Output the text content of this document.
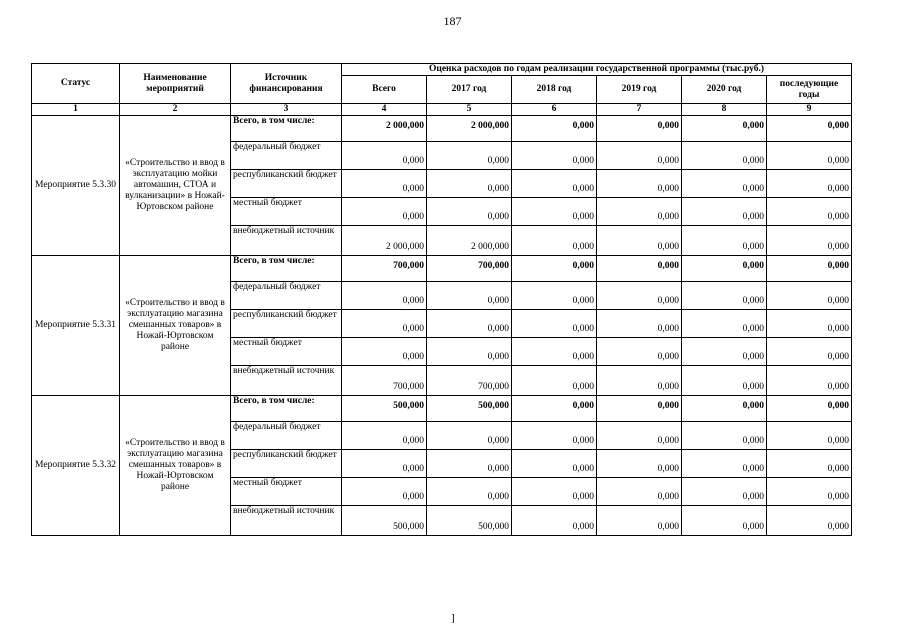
187
Статус	Наименование мероприятий	Источник финансирования	Оценка расходов по годам реализации государственной программы (тыс.руб.)					
			Всего	2017 год	2018 год	2019 год	2020 год	последующие годы
1	2	3	4	5	6	7	8	9
Мероприятие 5.3.30	«Строительство и ввод в эксплуатацию мойки автомашин, СТОА и вулканизации» в Ножай-Юртовском районе	Всего, в том числе:	2 000,000	2 000,000	0,000	0,000	0,000	0,000
		федеральный бюджет	0,000	0,000	0,000	0,000	0,000	0,000
		республиканский бюджет	0,000	0,000	0,000	0,000	0,000	0,000
		местный бюджет	0,000	0,000	0,000	0,000	0,000	0,000
		внебюджетный источник	2 000,000	2 000,000	0,000	0,000	0,000	0,000
Мероприятие 5.3.31	«Строительство и ввод в эксплуатацию магазина смешанных товаров» в Ножай-Юртовском районе	Всего, в том числе:	700,000	700,000	0,000	0,000	0,000	0,000
		федеральный бюджет	0,000	0,000	0,000	0,000	0,000	0,000
		республиканский бюджет	0,000	0,000	0,000	0,000	0,000	0,000
		местный бюджет	0,000	0,000	0,000	0,000	0,000	0,000
		внебюджетный источник	700,000	700,000	0,000	0,000	0,000	0,000
Мероприятие 5.3.32	«Строительство и ввод в эксплуатацию магазина смешанных товаров» в Ножай-Юртовском районе	Всего, в том числе:	500,000	500,000	0,000	0,000	0,000	0,000
		федеральный бюджет	0,000	0,000	0,000	0,000	0,000	0,000
		республиканский бюджет	0,000	0,000	0,000	0,000	0,000	0,000
		местный бюджет	0,000	0,000	0,000	0,000	0,000	0,000
		внебюджетный источник	500,000	500,000	0,000	0,000	0,000	0,000
]
